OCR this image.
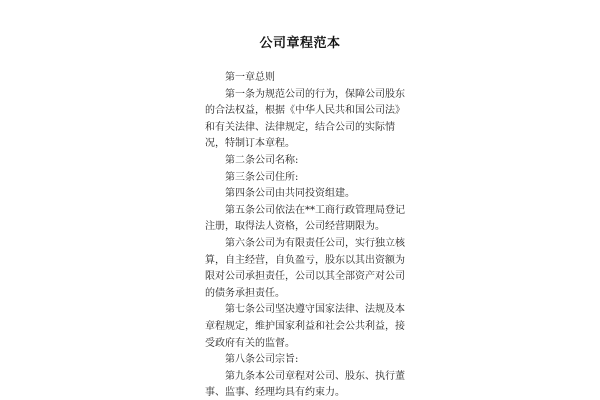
公司章程范本

第一章总则

第一条为规范公司的行为，保障公司股东的合法权益，根据《中华人民共和国公司法》和有关法律、法律规定，结合公司的实际情况，特制订本章程。

第二条公司名称:

第三条公司住所:

第四条公司由共同投资组建。

第五条公司依法在**工商行政管理局登记注册，取得法人资格，公司经营期限为。

第六条公司为有限责任公司，实行独立核算，自主经营，自负盈亏，股东以其出资额为限对公司承担责任，公司以其全部资产对公司的债务承担责任。

第七条公司坚决遵守国家法律、法规及本章程规定，维护国家利益和社会公共利益，接受政府有关的监督。

第八条公司宗旨:

第九条本公司章程对公司、股东、执行董事、监事、经理均具有约束力。
